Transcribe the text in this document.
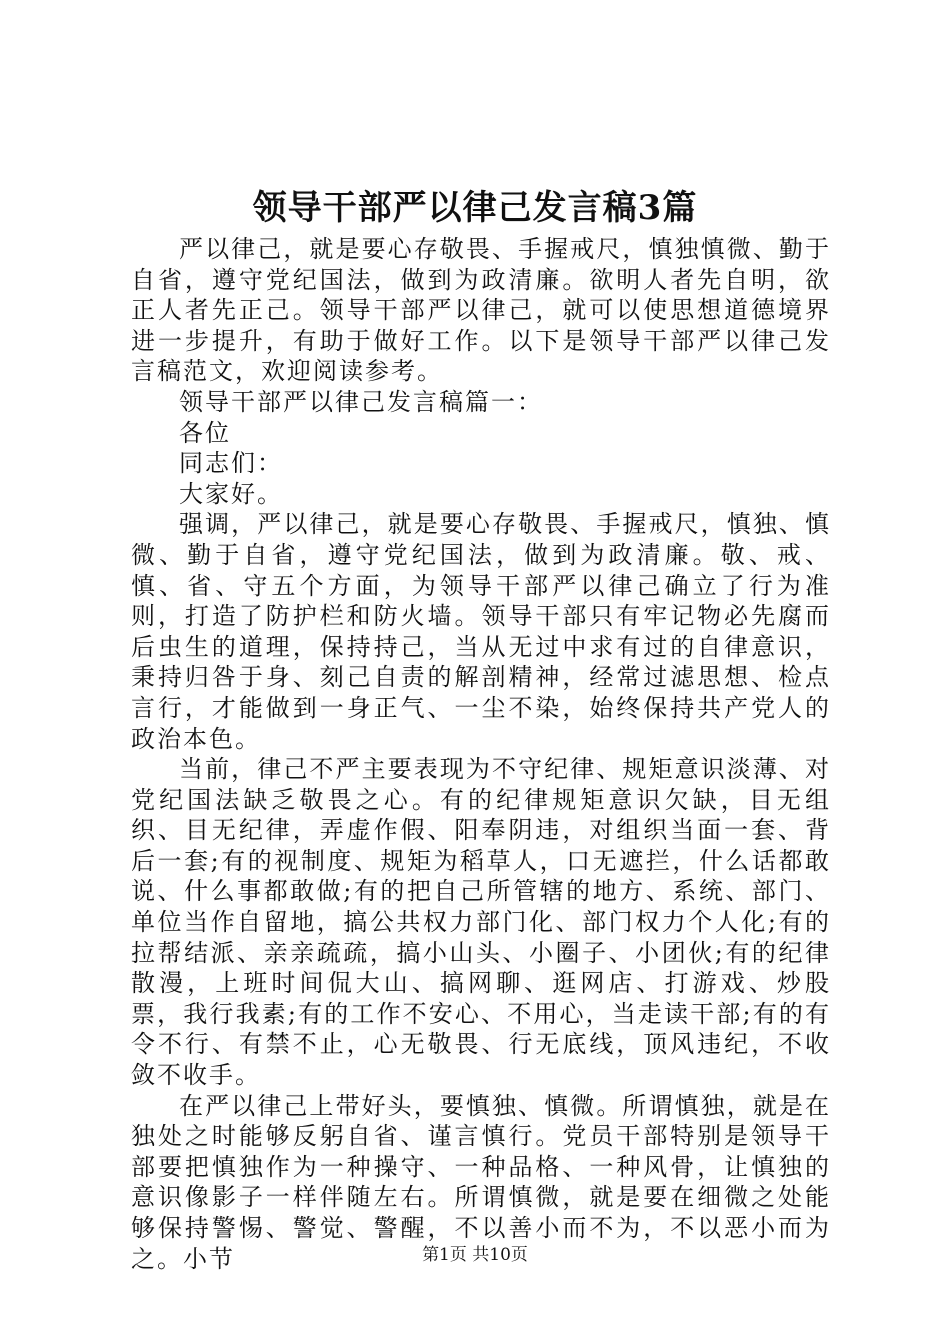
领导干部严以律己发言稿3篇

严以律己，就是要心存敬畏、手握戒尺，慎独慎微、勤于自省，遵守党纪国法，做到为政清廉。欲明人者先自明，欲正人者先正己。领导干部严以律己，就可以使思想道德境界进一步提升，有助于做好工作。以下是领导干部严以律己发言稿范文，欢迎阅读参考。

领导干部严以律己发言稿篇一：

各位

同志们：

大家好。

强调，严以律己，就是要心存敬畏、手握戒尺，慎独、慎微、勤于自省，遵守党纪国法，做到为政清廉。敬、戒、慎、省、守五个方面，为领导干部严以律己确立了行为准则，打造了防护栏和防火墙。领导干部只有牢记物必先腐而后虫生的道理，保持持己，当从无过中求有过的自律意识，秉持归咎于身、刻己自责的解剖精神，经常过滤思想、检点言行，才能做到一身正气、一尘不染，始终保持共产党人的政治本色。

当前，律己不严主要表现为不守纪律、规矩意识淡薄、对党纪国法缺乏敬畏之心。有的纪律规矩意识欠缺，目无组织、目无纪律，弄虚作假、阳奉阴违，对组织当面一套、背后一套;有的视制度、规矩为稻草人，口无遮拦，什么话都敢说、什么事都敢做;有的把自己所管辖的地方、系统、部门、单位当作自留地，搞公共权力部门化、部门权力个人化;有的拉帮结派、亲亲疏疏，搞小山头、小圈子、小团伙;有的纪律散漫，上班时间侃大山、搞网聊、逛网店、打游戏、炒股票，我行我素;有的工作不安心、不用心，当走读干部;有的有令不行、有禁不止，心无敬畏、行无底线，顶风违纪，不收敛不收手。

在严以律己上带好头，要慎独、慎微。所谓慎独，就是在独处之时能够反躬自省、谨言慎行。党员干部特别是领导干部要把慎独作为一种操守、一种品格、一种风骨，让慎独的意识像影子一样伴随左右。所谓慎微，就是要在细微之处能够保持警惕、警觉、警醒，不以善小而不为，不以恶小而为之。小节	第1页 共10页
